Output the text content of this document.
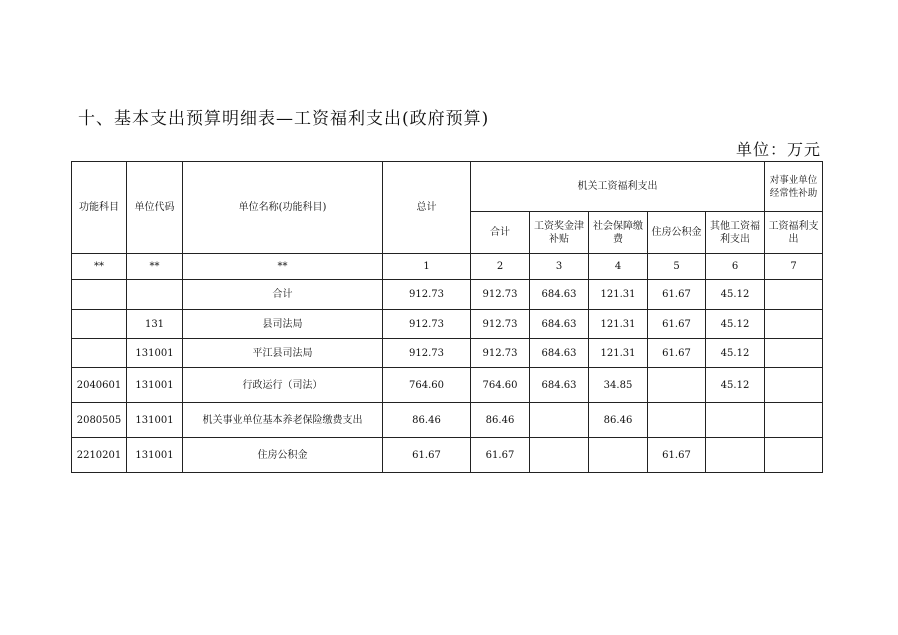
十、基本支出预算明细表—工资福利支出(政府预算)
单位：万元
功能科目	单位代码	单位名称(功能科目)	总计	机关工资福利支出					对事业单位经常性补助
				合计	工资奖金津补贴	社会保障缴费	住房公积金	其他工资福利支出	工资福利支出
**	**	**	1	2	3	4	5	6	7
		合计	912.73	912.73	684.63	121.31	61.67	45.12	
	131	县司法局	912.73	912.73	684.63	121.31	61.67	45.12	
	131001	平江县司法局	912.73	912.73	684.63	121.31	61.67	45.12	
2040601	131001	行政运行（司法）	764.60	764.60	684.63	34.85		45.12	
2080505	131001	机关事业单位基本养老保险缴费支出	86.46	86.46		86.46			
2210201	131001	住房公积金	61.67	61.67			61.67		
